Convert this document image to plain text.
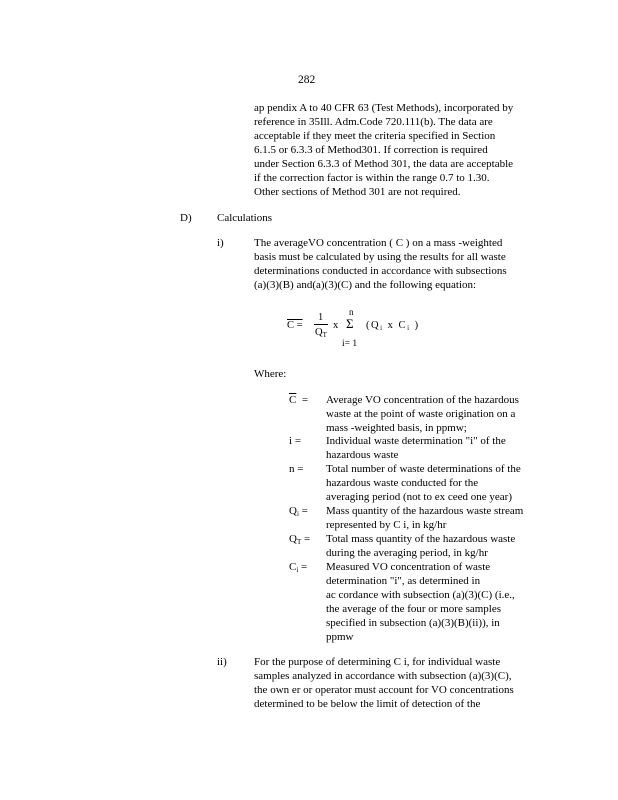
282

ap pendix A to 40 CFR 63 (Test Methods), incorporated by

reference in 35Ill. Adm.Code 720.111(b). The data are

acceptable if they meet the criteria specified in Section

6.1.5 or 6.3.3 of Method301. If correction is required

under Section 6.3.3 of Method 301, the data are acceptable

if the correction factor is within the range 0.7 to 1.30.

Other sections of Method 301 are not required.

D) Calculations
i)	The averageVO concentration ( C ) on a mass -weighted
basis must be calculated by using the results for all waste
determinations conducted in accordance with subsections
(a)(3)(B) and(a)(3)(C) and the following equation:
C =
1
$Q_T$
x
n
Σ
i= 1
($Q_i$ x $C_i$ )
Where:
$\overline{C}$ =	Average VO concentration of the hazardous
waste at the point of waste origination on a
mass -weighted basis, in ppmw;
i =	Individual waste determination "i" of the
hazardous waste
n =	Total number of waste determinations of the
hazardous waste conducted for the
averaging period (not to ex ceed one year)
$Q_i$ =	Mass quantity of the hazardous waste stream
represented by C i, in kg/hr
$Q_T$ =	Total mass quantity of the hazardous waste
during the averaging period, in kg/hr
$C_i$ =	Measured VO concentration of waste
determination "i", as determined in
ac cordance with subsection (a)(3)(C) (i.e.,
the average of the four or more samples
specified in subsection (a)(3)(B)(ii)), in
ppmw
ii) For the purpose of determining C i, for individual waste
samples analyzed in accordance with subsection (a)(3)(C),
the own er or operator must account for VO concentrations
determined to be below the limit of detection of the
